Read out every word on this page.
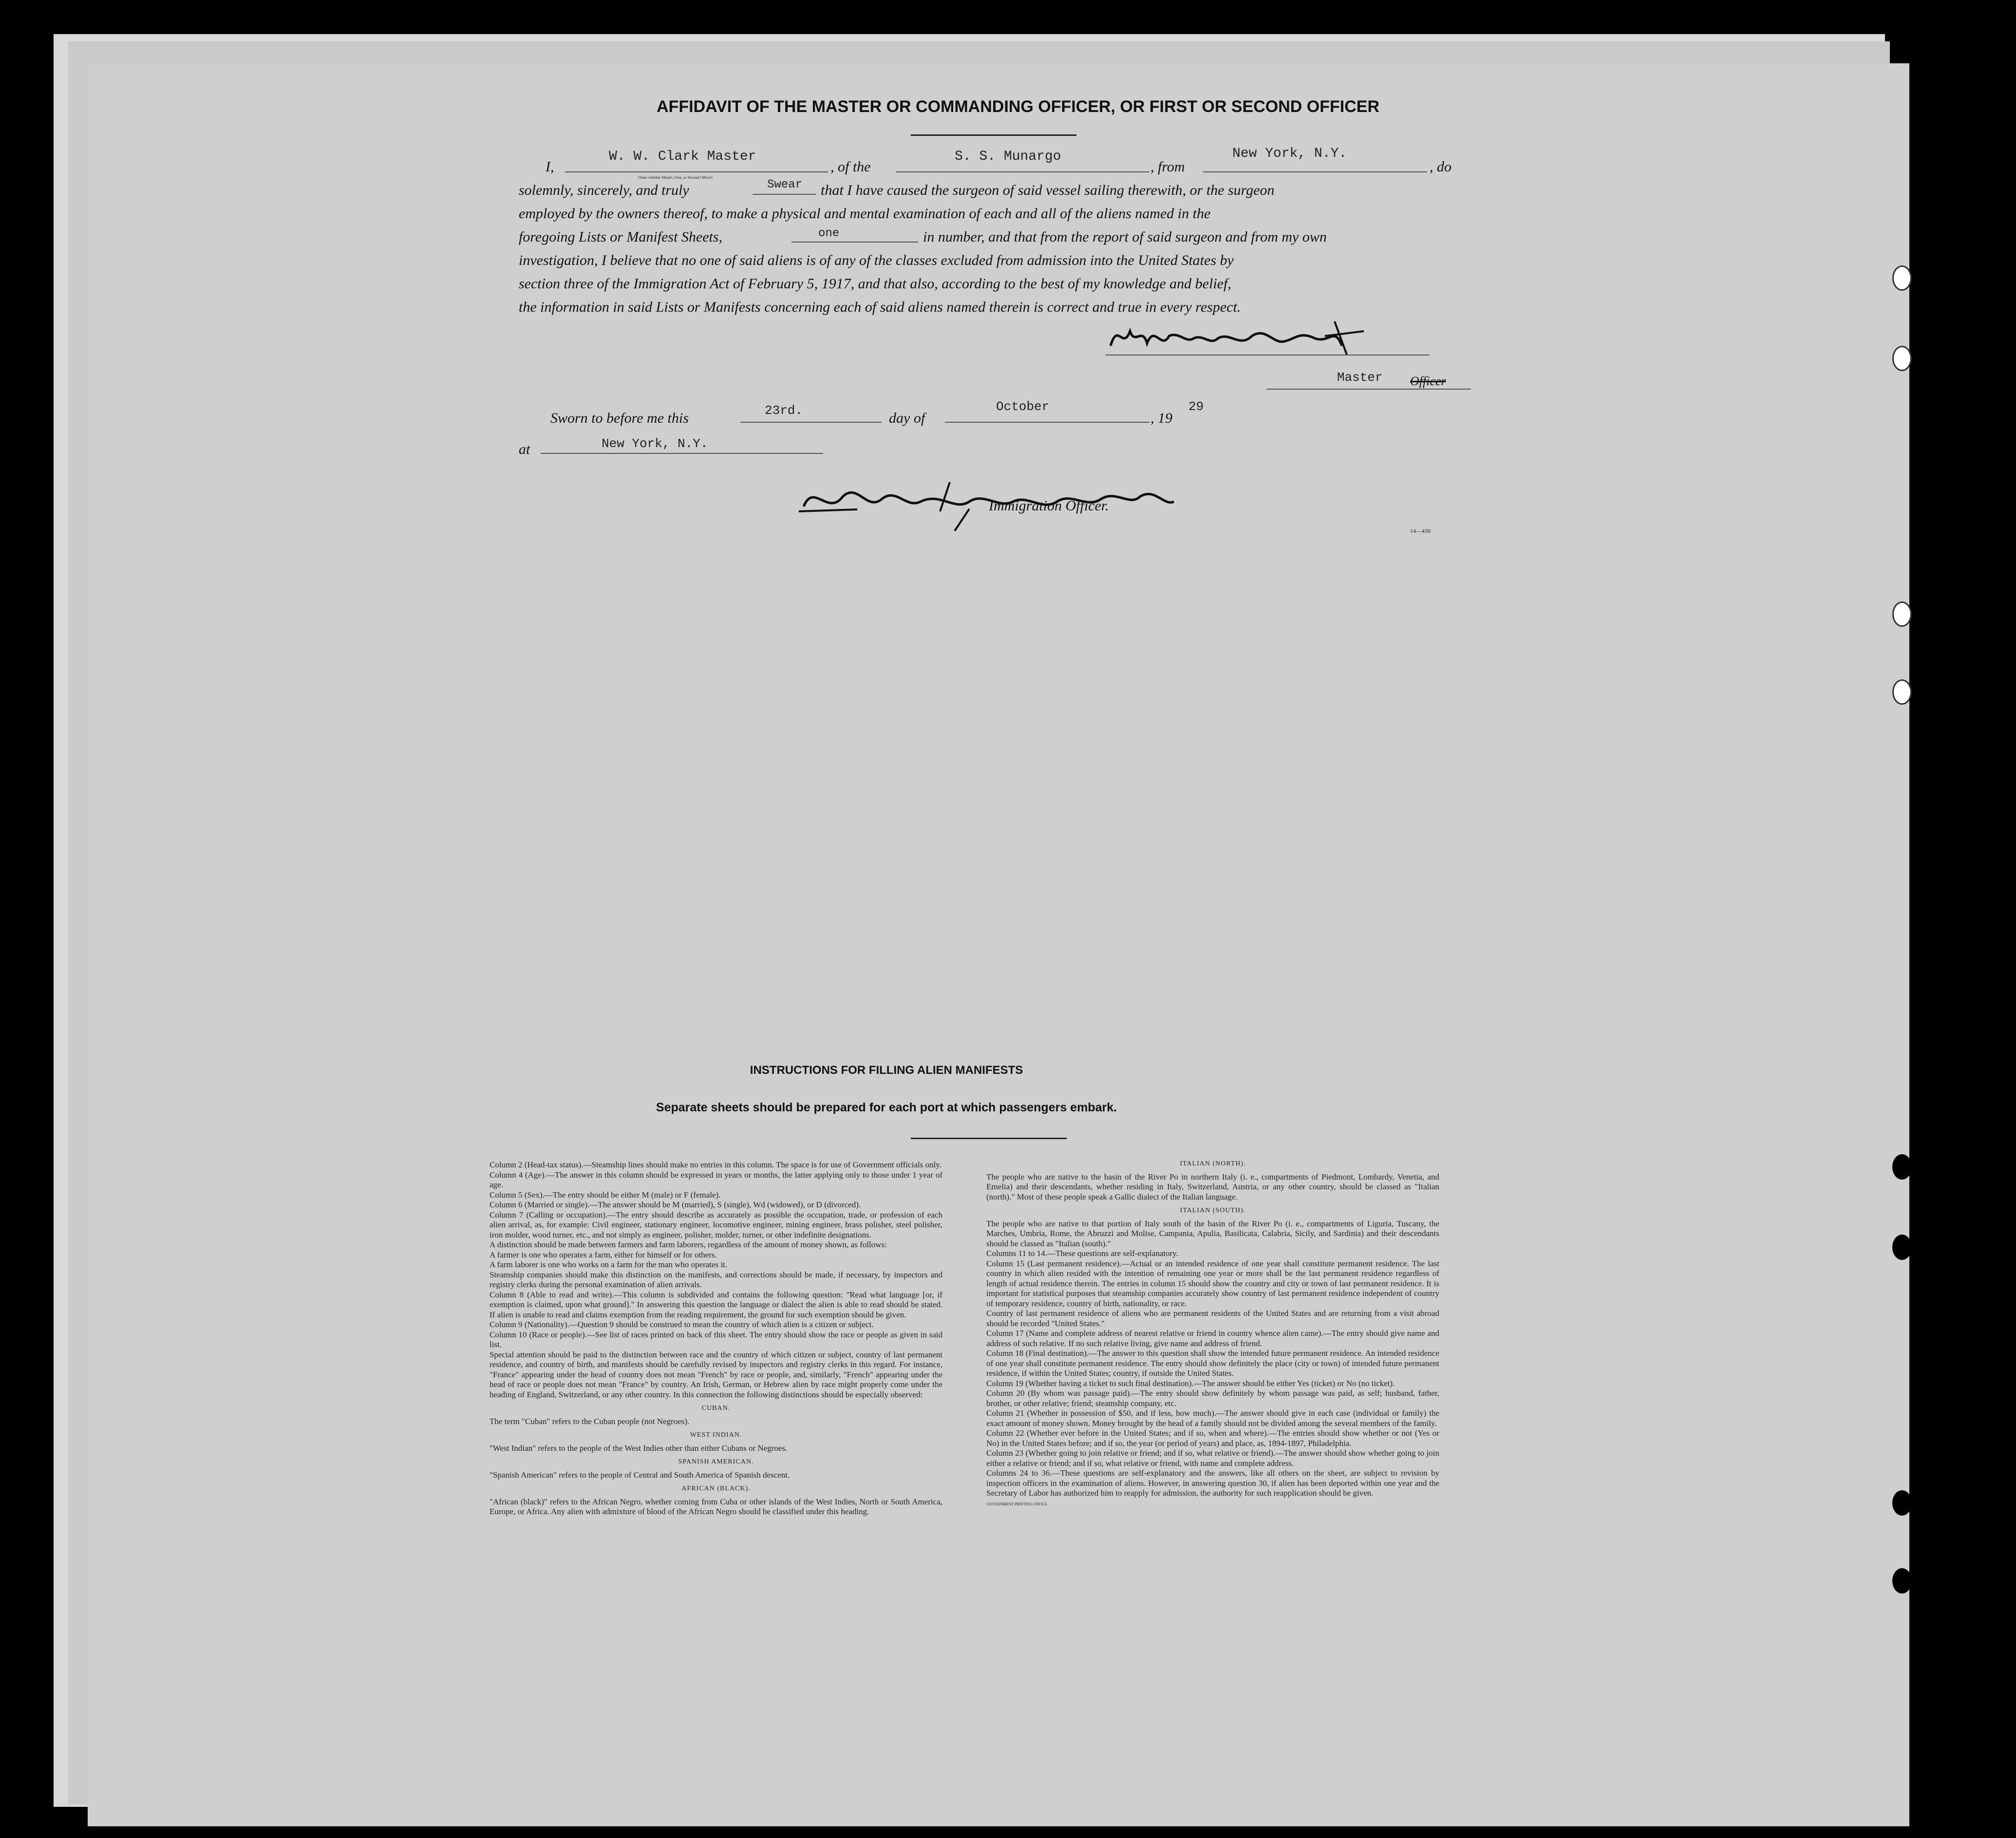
AFFIDAVIT OF THE MASTER OR COMMANDING OFFICER, OR FIRST OR SECOND OFFICER
I,
W. W. Clark Master
, of the
S. S. Munargo
, from
New York, N.Y.
, do
(State whether Master, First, or Second Officer)
solemnly, sincerely, and truly	Swear that I have caused the surgeon of said vessel sailing therewith, or the surgeon
employed by the owners thereof, to make a physical and mental examination of each and all of the aliens named in the
foregoing Lists or Manifest Sheets,	one	in number, and that from the report of said surgeon and from my own
investigation, I believe that no one of said aliens is of any of the classes excluded from admission into the United States by
section three of the Immigration Act of February 5, 1917, and that also, according to the best of my knowledge and belief,
the information in said Lists or Manifests concerning each of said aliens named therein is correct and true in every respect.
Master Officer
Sworn to before me this	23rd.	day of
October
, 19
29
at	New York, N.Y.
Immigration Officer.
14—430
INSTRUCTIONS FOR FILLING ALIEN MANIFESTS
Separate sheets should be prepared for each port at which passengers embark.

Column 2 (Head-tax status).—Steamship lines should make no entries in this column. The space is for use of Government officials only.

Column 4 (Age).—The answer in this column should be expressed in years or months, the latter applying only to those under 1 year of age.

Column 5 (Sex).—The entry should be either M (male) or F (female).

Column 6 (Married or single).—The answer should be M (married), S (single), Wd (widowed), or D (divorced).

Column 7 (Calling or occupation).—The entry should describe as accurately as possible the occupation, trade, or profession of each alien arrival, as, for example: Civil engineer, stationary engineer, locomotive engineer, mining engineer, brass polisher, steel polisher, iron molder, wood turner, etc., and not simply as engineer, polisher, molder, turner, or other indefinite designations.

A distinction should be made between farmers and farm laborers, regardless of the amount of money shown, as follows:

A farmer is one who operates a farm, either for himself or for others.

A farm laborer is one who works on a farm for the man who operates it.

Steamship companies should make this distinction on the manifests, and corrections should be made, if necessary, by inspectors and registry clerks during the personal examination of alien arrivals.

Column 8 (Able to read and write).—This column is subdivided and contains the following question: "Read what language [or, if exemption is claimed, upon what ground]." In answering this question the language or dialect the alien is able to read should be stated. If alien is unable to read and claims exemption from the reading requirement, the ground for such exemption should be given.

Column 9 (Nationality).—Question 9 should be construed to mean the country of which alien is a citizen or subject.

Column 10 (Race or people).—See list of races printed on back of this sheet. The entry should show the race or people as given in said list.

Special attention should be paid to the distinction between race and the country of which citizen or subject, country of last permanent residence, and country of birth, and manifests should be carefully revised by inspectors and registry clerks in this regard. For instance, "France" appearing under the head of country does not mean "French" by race or people, and, similarly, "French" appearing under the head of race or people does not mean "France" by country. An Irish, German, or Hebrew alien by race might properly come under the heading of England, Switzerland, or any other country. In this connection the following distinctions should be especially observed:

CUBAN.

The term "Cuban" refers to the Cuban people (not Negroes).

WEST INDIAN.

"West Indian" refers to the people of the West Indies other than either Cubans or Negroes.

SPANISH AMERICAN.

"Spanish American" refers to the people of Central and South America of Spanish descent.

AFRICAN (BLACK).

"African (black)" refers to the African Negro, whether coming from Cuba or other islands of the West Indies, North or South America, Europe, or Africa. Any alien with admixture of blood of the African Negro should be classified under this heading.

ITALIAN (NORTH).

The people who are native to the basin of the River Po in northern Italy (i. e., compartments of Piedmont, Lombardy, Venetia, and Emelia) and their descendants, whether residing in Italy, Switzerland, Austria, or any other country, should be classed as "Italian (north)." Most of these people speak a Gallic dialect of the Italian language.

ITALIAN (SOUTH).

The people who are native to that portion of Italy south of the basin of the River Po (i. e., compartments of Liguria, Tuscany, the Marches, Umbria, Rome, the Abruzzi and Molise, Campania, Apulia, Basilicata, Calabria, Sicily, and Sardinia) and their descendants should be classed as "Italian (south)."

Columns 11 to 14.—These questions are self-explanatory.

Column 15 (Last permanent residence).—Actual or an intended residence of one year shall constitute permanent residence. The last country in which alien resided with the intention of remaining one year or more shall be the last permanent residence regardless of length of actual residence therein. The entries in column 15 should show the country and city or town of last permanent residence. It is important for statistical purposes that steamship companies accurately show country of last permanent residence independent of country of temporary residence, country of birth, nationality, or race.

Country of last permanent residence of aliens who are permanent residents of the United States and are returning from a visit abroad should be recorded "United States."

Column 17 (Name and complete address of nearest relative or friend in country whence alien came).—The entry should give name and address of such relative. If no such relative living, give name and address of friend.

Column 18 (Final destination).—The answer to this question shall show the intended future permanent residence. An intended residence of one year shall constitute permanent residence. The entry should show definitely the place (city or town) of intended future permanent residence, if within the United States; country, if outside the United States.

Column 19 (Whether having a ticket to such final destination).—The answer should be either Yes (ticket) or No (no ticket).

Column 20 (By whom was passage paid).—The entry should show definitely by whom passage was paid, as self; husband, father, brother, or other relative; friend; steamship company, etc.

Column 21 (Whether in possession of $50, and if less, how much).—The answer should give in each case (individual or family) the exact amount of money shown. Money brought by the head of a family should not be divided among the several members of the family.

Column 22 (Whether ever before in the United States; and if so, when and where).—The entries should show whether or not (Yes or No) in the United States before; and if so, the year (or period of years) and place, as, 1894-1897, Philadelphia.

Column 23 (Whether going to join relative or friend; and if so, what relative or friend).—The answer should show whether going to join either a relative or friend; and if so, what relative or friend, with name and complete address.

Columns 24 to 36.—These questions are self-explanatory and the answers, like all others on the sheet, are subject to revision by inspection officers in the examination of aliens. However, in answering question 30, if alien has been deported within one year and the Secretary of Labor has authorized him to reapply for admission, the authority for such reapplication should be given.

GOVERNMENT PRINTING OFFICE
